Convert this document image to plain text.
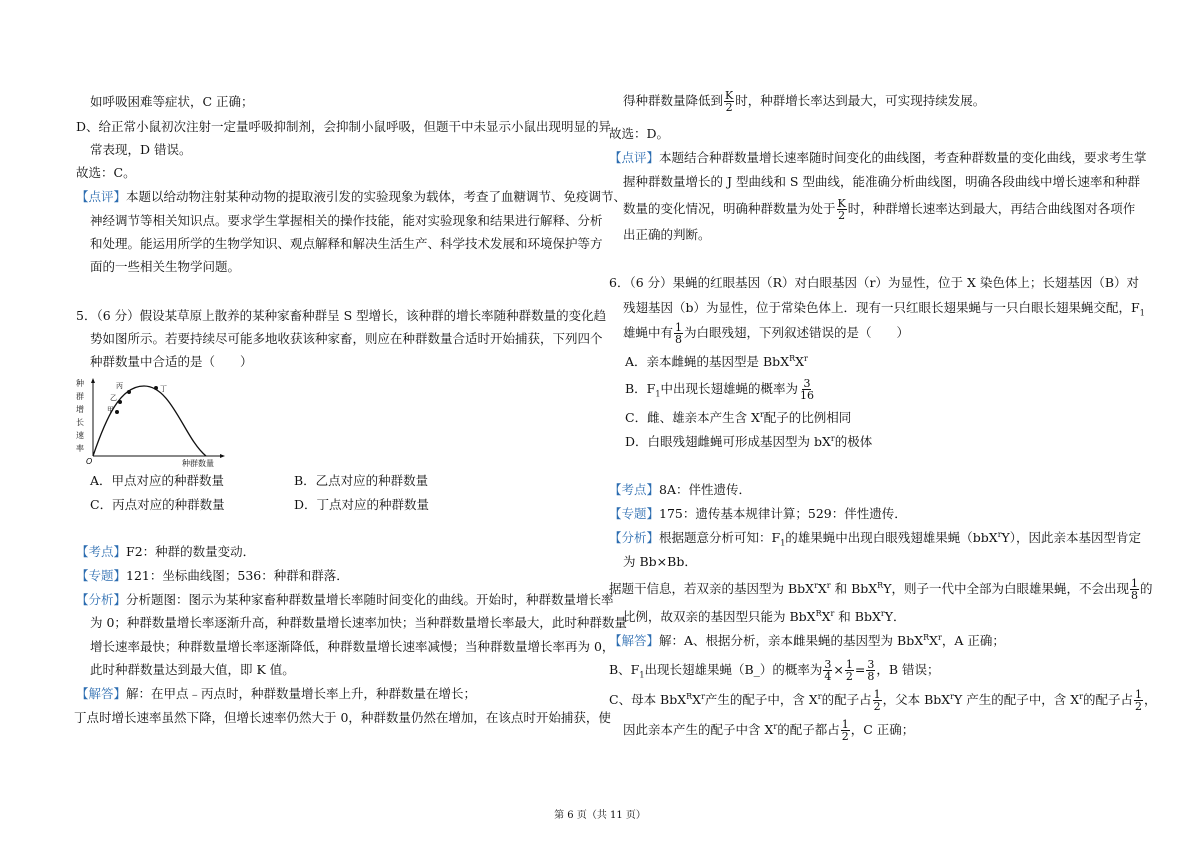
如呼吸困难等症状，C 正确；
D、给正常小鼠初次注射一定量呼吸抑制剂，会抑制小鼠呼吸，但题干中未显示小鼠出现明显的异
常表现，D 错误。
故选：C。
【点评】本题以给动物注射某种动物的提取液引发的实验现象为载体，考查了血糖调节、免疫调节、
神经调节等相关知识点。要求学生掌握相关的操作技能，能对实验现象和结果进行解释、分析
和处理。能运用所学的生物学知识、观点解释和解决生活生产、科学技术发展和环境保护等方
面的一些相关生物学问题。
5．（6 分）假设某草原上散养的某种家畜种群呈 S 型增长，该种群的增长率随种群数量的变化趋
势如图所示。若要持续尽可能多地收获该种家畜，则应在种群数量合适时开始捕获，下列四个
种群数量中合适的是（　　）
种
群
增
长
速
率
O	种群数量
甲
乙
丙	丁
A．甲点对应的种群数量	B．乙点对应的种群数量
C．丙点对应的种群数量	D．丁点对应的种群数量
【考点】F2：种群的数量变动．
【专题】121：坐标曲线图；536：种群和群落．
【分析】分析题图：图示为某种家畜种群数量增长率随时间变化的曲线。开始时，种群数量增长率
为 0；种群数量增长率逐渐升高，种群数量增长速率加快；当种群数量增长率最大，此时种群数量
增长速率最快；种群数量增长率逐渐降低，种群数量增长速率减慢；当种群数量增长率再为 0，
此时种群数量达到最大值，即 K 值。
【解答】解：在甲点﹣丙点时，种群数量增长率上升，种群数量在增长；
丁点时增长速率虽然下降，但增长速率仍然大于 0，种群数量仍然在增加，在该点时开始捕获，使
得种群数量降低到 $\frac{K}{2}$ 时，种群增长率达到最大，可实现持续发展。
故选：D。
【点评】本题结合种群数量增长速率随时间变化的曲线图，考查种群数量的变化曲线，要求考生掌
握种群数量增长的 J 型曲线和 S 型曲线，能准确分析曲线图，明确各段曲线中增长速率和种群
数量的变化情况，明确种群数量为处于 $\frac{K}{2}$ 时，种群增长速率达到最大，再结合曲线图对各项作
出正确的判断。
6．（6 分）果蝇的红眼基因（R）对白眼基因（r）为显性，位于 X 染色体上；长翅基因（B）对
残翅基因（b）为显性，位于常染色体上．现有一只红眼长翅果蝇与一只白眼长翅果蝇交配，$F_1$
雄蝇中有 $\frac{1}{8}$ 为白眼残翅，下列叙述错误的是（　　）
A．亲本雌蝇的基因型是 $BbX^RX^r$
B．$F_1$中出现长翅雄蝇的概率为 $\frac{3}{16}$
C．雌、雄亲本产生含 $X^r$配子的比例相同
D．白眼残翅雌蝇可形成基因型为 $bX^r$的极体
【考点】8A：伴性遗传．
【专题】175：遗传基本规律计算；529：伴性遗传．
【分析】根据题意分析可知：$F_1$的雄果蝇中出现白眼残翅雄果蝇（bbX$^r$Y），因此亲本基因型肯定
为 Bb×Bb．
据题干信息，若双亲的基因型为 $BbX^rX^r$ 和 BbX$^R$Y，则子一代中全部为白眼雄果蝇，不会出现 $\frac{1}{8}$ 的
比例，故双亲的基因型只能为 $BbX^RX^r$ 和 BbX$^r$Y．
【解答】解：A、根据分析，亲本雌果蝇的基因型为 $BbX^RX^r$，A 正确；
B、$F_1$出现长翅雄果蝇（B_）的概率为 $\frac{3}{4} \times \frac{1}{2} = \frac{3}{8}$ ，B 错误；
C、母本 $BbX^RX^r$产生的配子中，含 $X^r$的配子占 $\frac{1}{2}$ ，父本 BbX$^r$Y 产生的配子中，含 $X^r$的配子占 $\frac{1}{2}$ ，
因此亲本产生的配子中含 $X^r$的配子都占 $\frac{1}{2}$ ，C 正确；
第 6 页（共 11 页）
